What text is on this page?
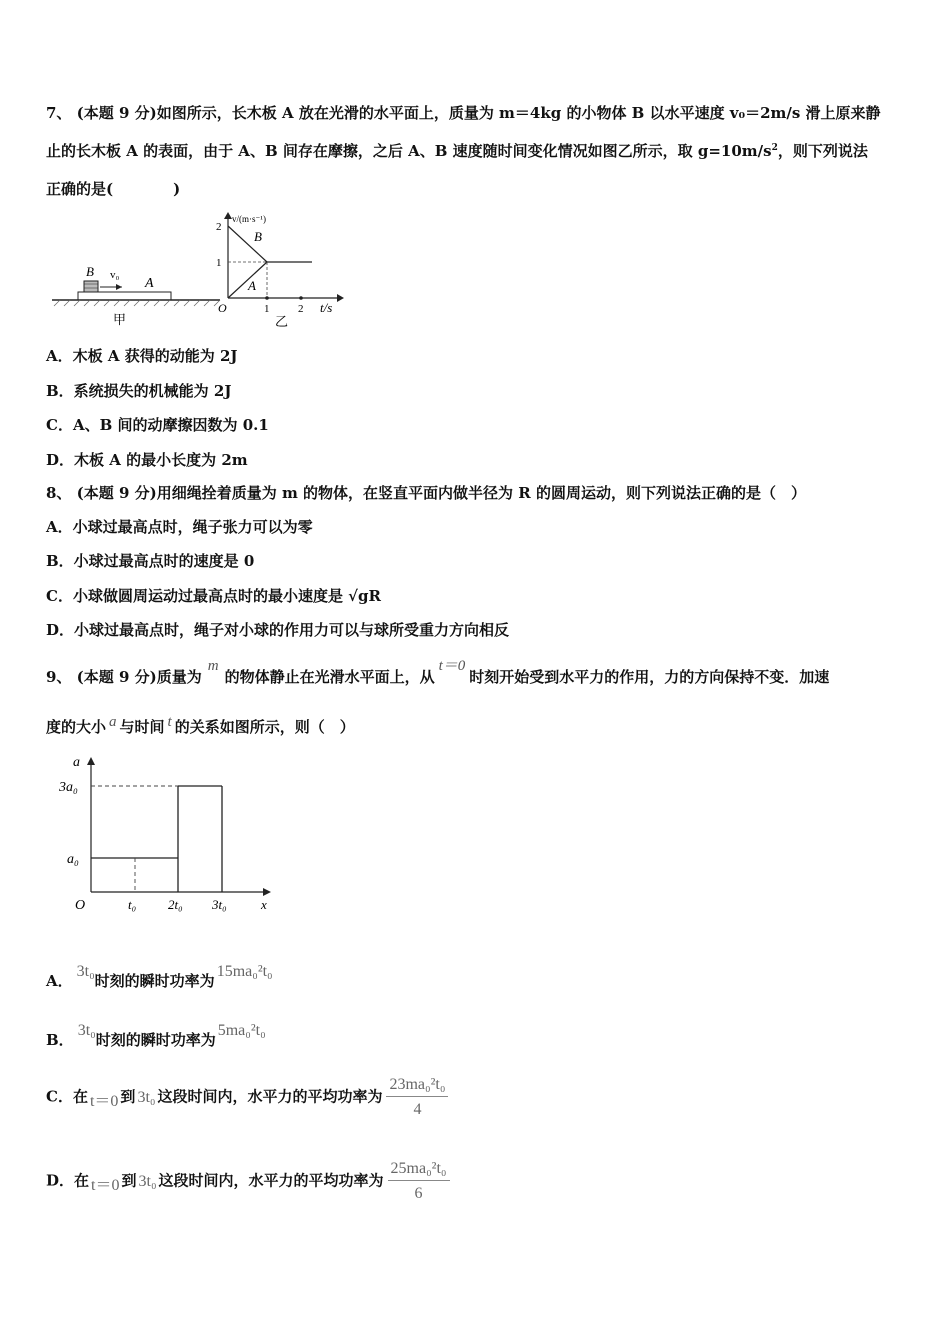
7、 (本题 9 分)如图所示，长木板 A 放在光滑的水平面上，质量为 m＝4kg 的小物体 B 以水平速度 v₀＝2m/s 滑上原来静
止的长木板 A 的表面，由于 A、B 间存在摩擦，之后 A、B 速度随时间变化情况如图乙所示，取 $g=10m/s^2$，则下列说法
正确的是(　　　　)
B v₀
A
甲
v/(m·s⁻¹)
2
1
O	1	2 t/s
B
A
乙
A．木板 A 获得的动能为 2J
B．系统损失的机械能为 2J
C．A、B 间的动摩擦因数为 0.1
D．木板 A 的最小长度为 2m
8、 (本题 9 分)用细绳拴着质量为 m 的物体，在竖直平面内做半径为 R 的圆周运动，则下列说法正确的是（　）
A．小球过最高点时，绳子张力可以为零
B．小球过最高点时的速度是 0
C．小球做圆周运动过最高点时的最小速度是 √gR
D．小球过最高点时，绳子对小球的作用力可以与球所受重力方向相反
9、 (本题 9 分)质量为m的物体静止在光滑水平面上，从t＝0时刻开始受到水平力的作用，力的方向保持不变．加速
度的大小 a 与时间 t 的关系如图所示，则（　）
a
3a₀
a₀
O	t₀ 2t₀ 3t₀	x
A．3t₀时刻的瞬时功率为15ma₀²t₀
B．3t₀时刻的瞬时功率为5ma₀²t₀
C．在 t＝0 到 3t₀ 这段时间内，水平力的平均功率为 $\frac{\text{23ma₀²t₀}}{4}$
D．在 t＝0 到 3t₀ 这段时间内，水平力的平均功率为 $\frac{\text{25ma₀²t₀}}{6}$
